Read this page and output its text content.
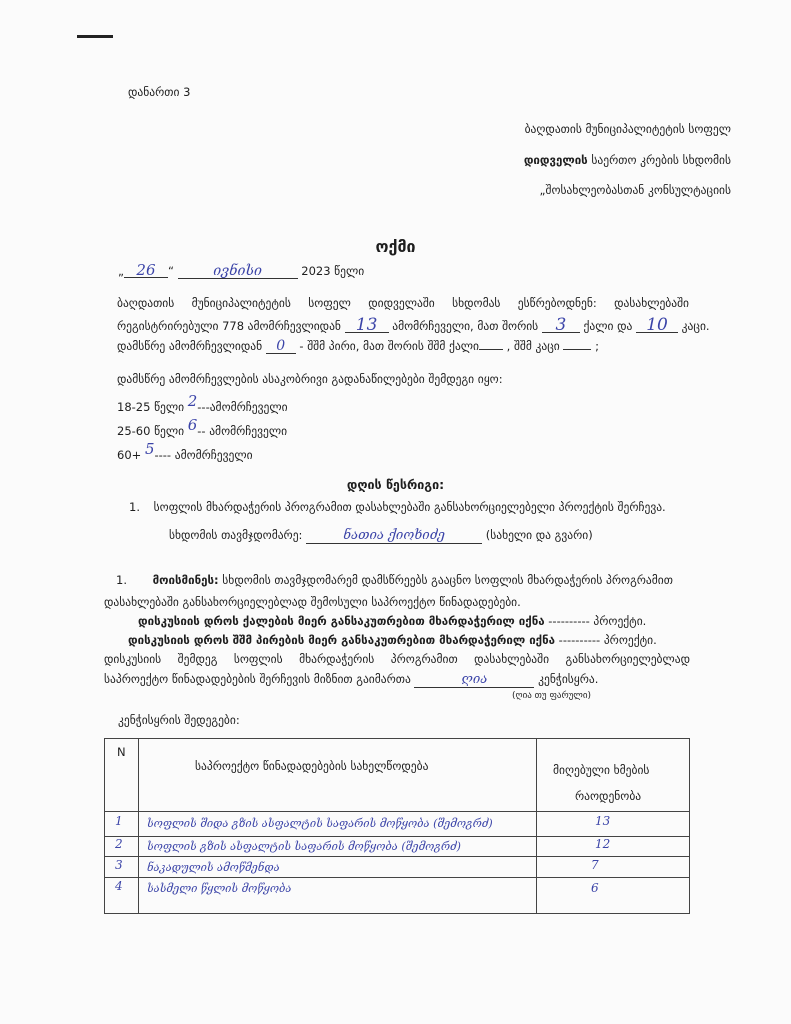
დანართი 3
ბაღდათის მუნიციპალიტეტის სოფელ
დიდველის საერთო კრების სხდომის
„შოსახლეობასთან კონსულტაციის
ოქმი
„ 26 “	ივნისი	2023 წელი
ბაღდათის მუნიციპალიტეტის სოფელ დიდველაში სხდომას ესწრებოდნენ: დასახლებაში
რეგისტრირებული 778 ამომრჩევლიდან 13 ამომრჩეველი, მათ შორის 3 ქალი და 10 კაცი.
დამსწრე ამომრჩევლიდან 0 - შშმ პირი, მათ შორის შშმ ქალი , შშმ კაცი	;
დამსწრე ამომრჩევლების ასაკობრივი გადანაწილებები შემდეგი იყო:
18-25 წელი 2---ამომრჩეველი
25-60 წელი 6-- ამომრჩეველი
60+ 5---- ამომრჩეველი
დღის წესრიგი:
1. სოფლის მხარდაჭერის პროგრამით დასახლებაში განსახორციელებელი პროექტის შერჩევა.
სხდომის თავმჯდომარე:	ნათია ქიოხიძე	(სახელი და გვარი)
1. მოისმინეს: სხდომის თავმჯდომარემ დამსწრეებს გააცნო სოფლის მხარდაჭერის პროგრამით
დასახლებაში განსახორციელებლად შემოსული საპროექტო წინადადებები.
დისკუსიის დროს ქალების მიერ განსაკუთრებით მხარდაჭერილ იქნა ---------- პროექტი.
დისკუსიის დროს შშმ პირების მიერ განსაკუთრებით მხარდაჭერილ იქნა ---------- პროექტი.
დისკუსიის შემდეგ სოფლის მხარდაჭერის პროგრამით დასახლებაში განსახორციელებლად
საპროექტო წინადადებების შერჩევის მიზნით გაიმართა	ღია	კენჭისყრა.
(ღია თუ ფარული)
კენჭისყრის შედეგები:
N
საპროექტო წინადადებების სახელწოდება	მიღებული ხმების
რაოდენობა
1 სოფლის შიდა გზის ასფალტის საფარის მოწყობა (შემოგრძ)	13
2 სოფლის გზის ასფალტის საფარის მოწყობა (შემოგრძ)	12
3 ნაკადულის ამოწმენდა	7
4 სასმელი წყლის მოწყობა	6
